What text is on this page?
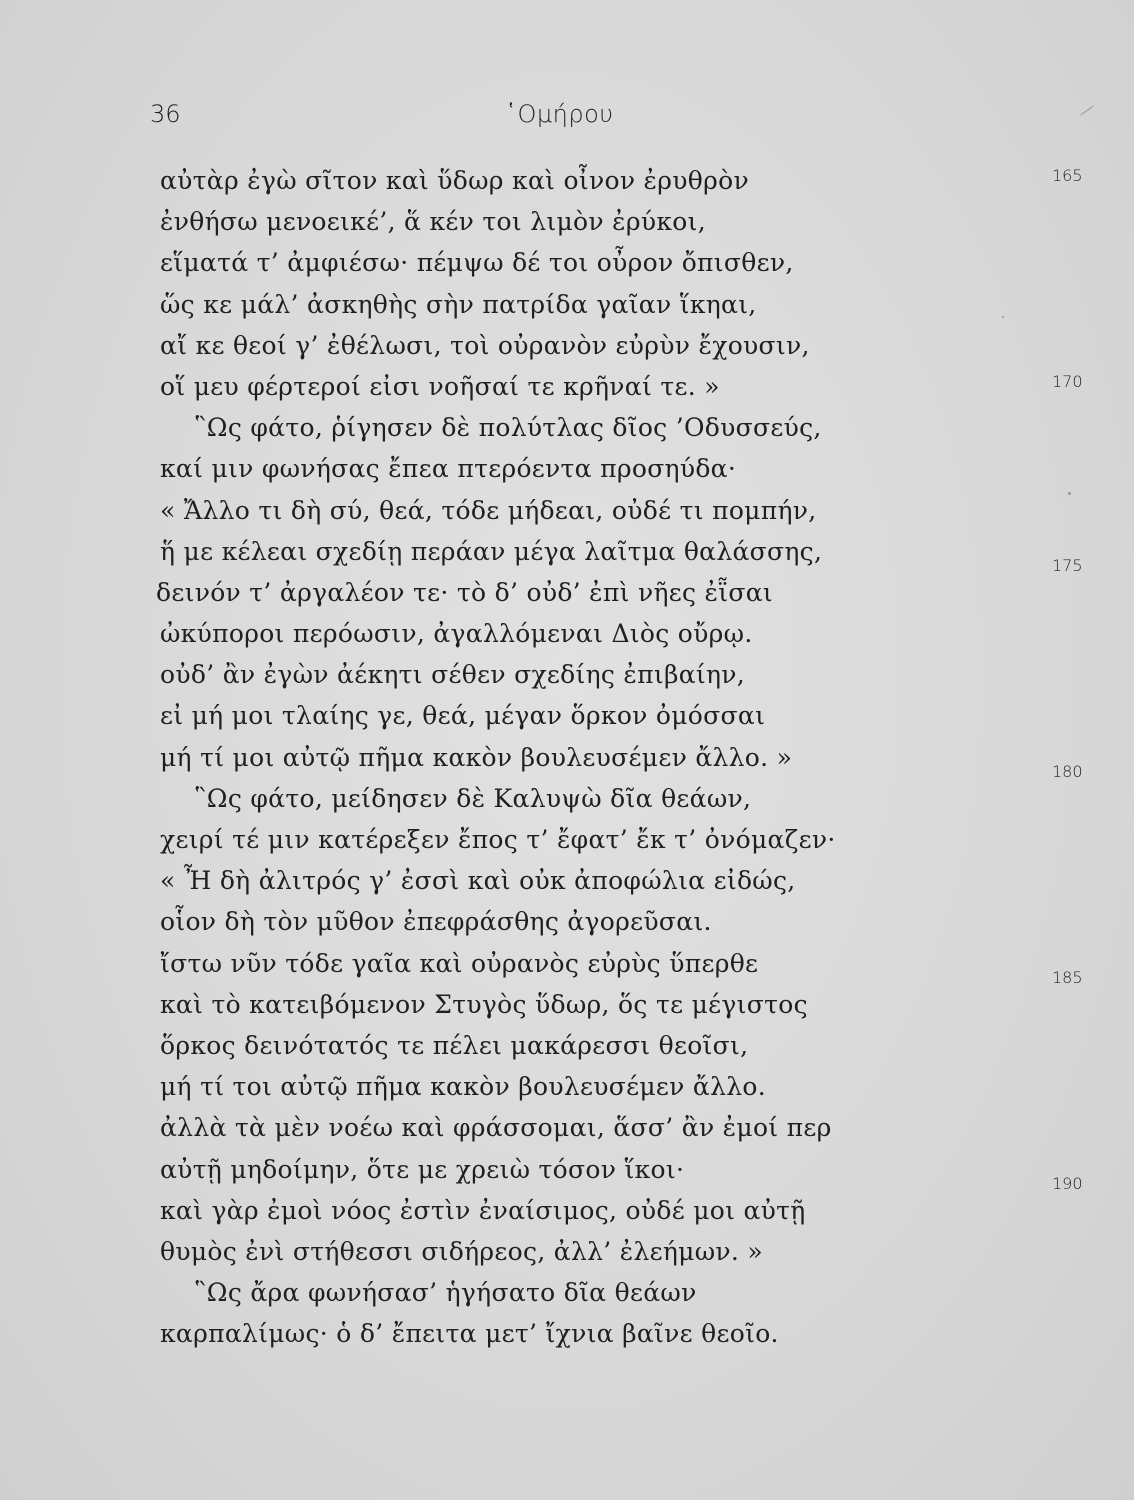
36	῾Ομήρου
αὐτὰρ ἐγὼ σῖτον καὶ ὕδωρ καὶ οἶνον ἐρυθρὸν
ἐνθήσω μενοεικέ’, ἅ κέν τοι λιμὸν ἐρύκοι,
εἵματά τ’ ἀμφιέσω· πέμψω δέ τοι οὖρον ὄπισθεν,
ὥς κε μάλ’ ἀσκηθὴς σὴν πατρίδα γαῖαν ἵκηαι,
αἴ κε θεοί γ’ ἐθέλωσι, τοὶ οὐρανὸν εὐρὺν ἔχουσιν,
οἵ μευ φέρτεροί εἰσι νοῆσαί τε κρῆναί τε. »
῝Ως φάτο, ῥίγησεν δὲ πολύτλας δῖος ’Οδυσσεύς,
καί μιν φωνήσας ἔπεα πτερόεντα προσηύδα·
« Ἄλλο τι δὴ σύ, θεά, τόδε μήδεαι, οὐδέ τι πομπήν,
ἥ με κέλεαι σχεδίῃ περάαν μέγα λαῖτμα θαλάσσης,
δεινόν τ’ ἀργαλέον τε· τὸ δ’ οὐδ’ ἐπὶ νῆες ἐῗσαι
ὠκύποροι περόωσιν, ἀγαλλόμεναι Διὸς οὔρῳ.
οὐδ’ ἂν ἐγὼν ἀέκητι σέθεν σχεδίης ἐπιβαίην,
εἰ μή μοι τλαίης γε, θεά, μέγαν ὅρκον ὀμόσσαι
μή τί μοι αὐτῷ πῆμα κακὸν βουλευσέμεν ἄλλο. »
῝Ως φάτο, μείδησεν δὲ Καλυψὼ δῖα θεάων,
χειρί τέ μιν κατέρεξεν ἔπος τ’ ἔφατ’ ἔκ τ’ ὀνόμαζεν·
« Ἦ δὴ ἀλιτρός γ’ ἐσσὶ καὶ οὐκ ἀποφώλια εἰδώς,
οἷον δὴ τὸν μῦθον ἐπεφράσθης ἀγορεῦσαι.
ἴστω νῦν τόδε γαῖα καὶ οὐρανὸς εὐρὺς ὕπερθε
καὶ τὸ κατειβόμενον Στυγὸς ὕδωρ, ὅς τε μέγιστος
ὅρκος δεινότατός τε πέλει μακάρεσσι θεοῖσι,
μή τί τοι αὐτῷ πῆμα κακὸν βουλευσέμεν ἄλλο.
ἀλλὰ τὰ μὲν νοέω καὶ φράσσομαι, ἅσσ’ ἂν ἐμοί περ
αὐτῇ μηδοίμην, ὅτε με χρειὼ τόσον ἵκοι·
καὶ γὰρ ἐμοὶ νόος ἐστὶν ἐναίσιμος, οὐδέ μοι αὐτῇ
θυμὸς ἐνὶ στήθεσσι σιδήρεος, ἀλλ’ ἐλεήμων. »
῝Ως ἄρα φωνήσασ’ ἡγήσατο δῖα θεάων
καρπαλίμως· ὁ δ’ ἔπειτα μετ’ ἴχνια βαῖνε θεοῖο.
165
170
175
180
185
190
